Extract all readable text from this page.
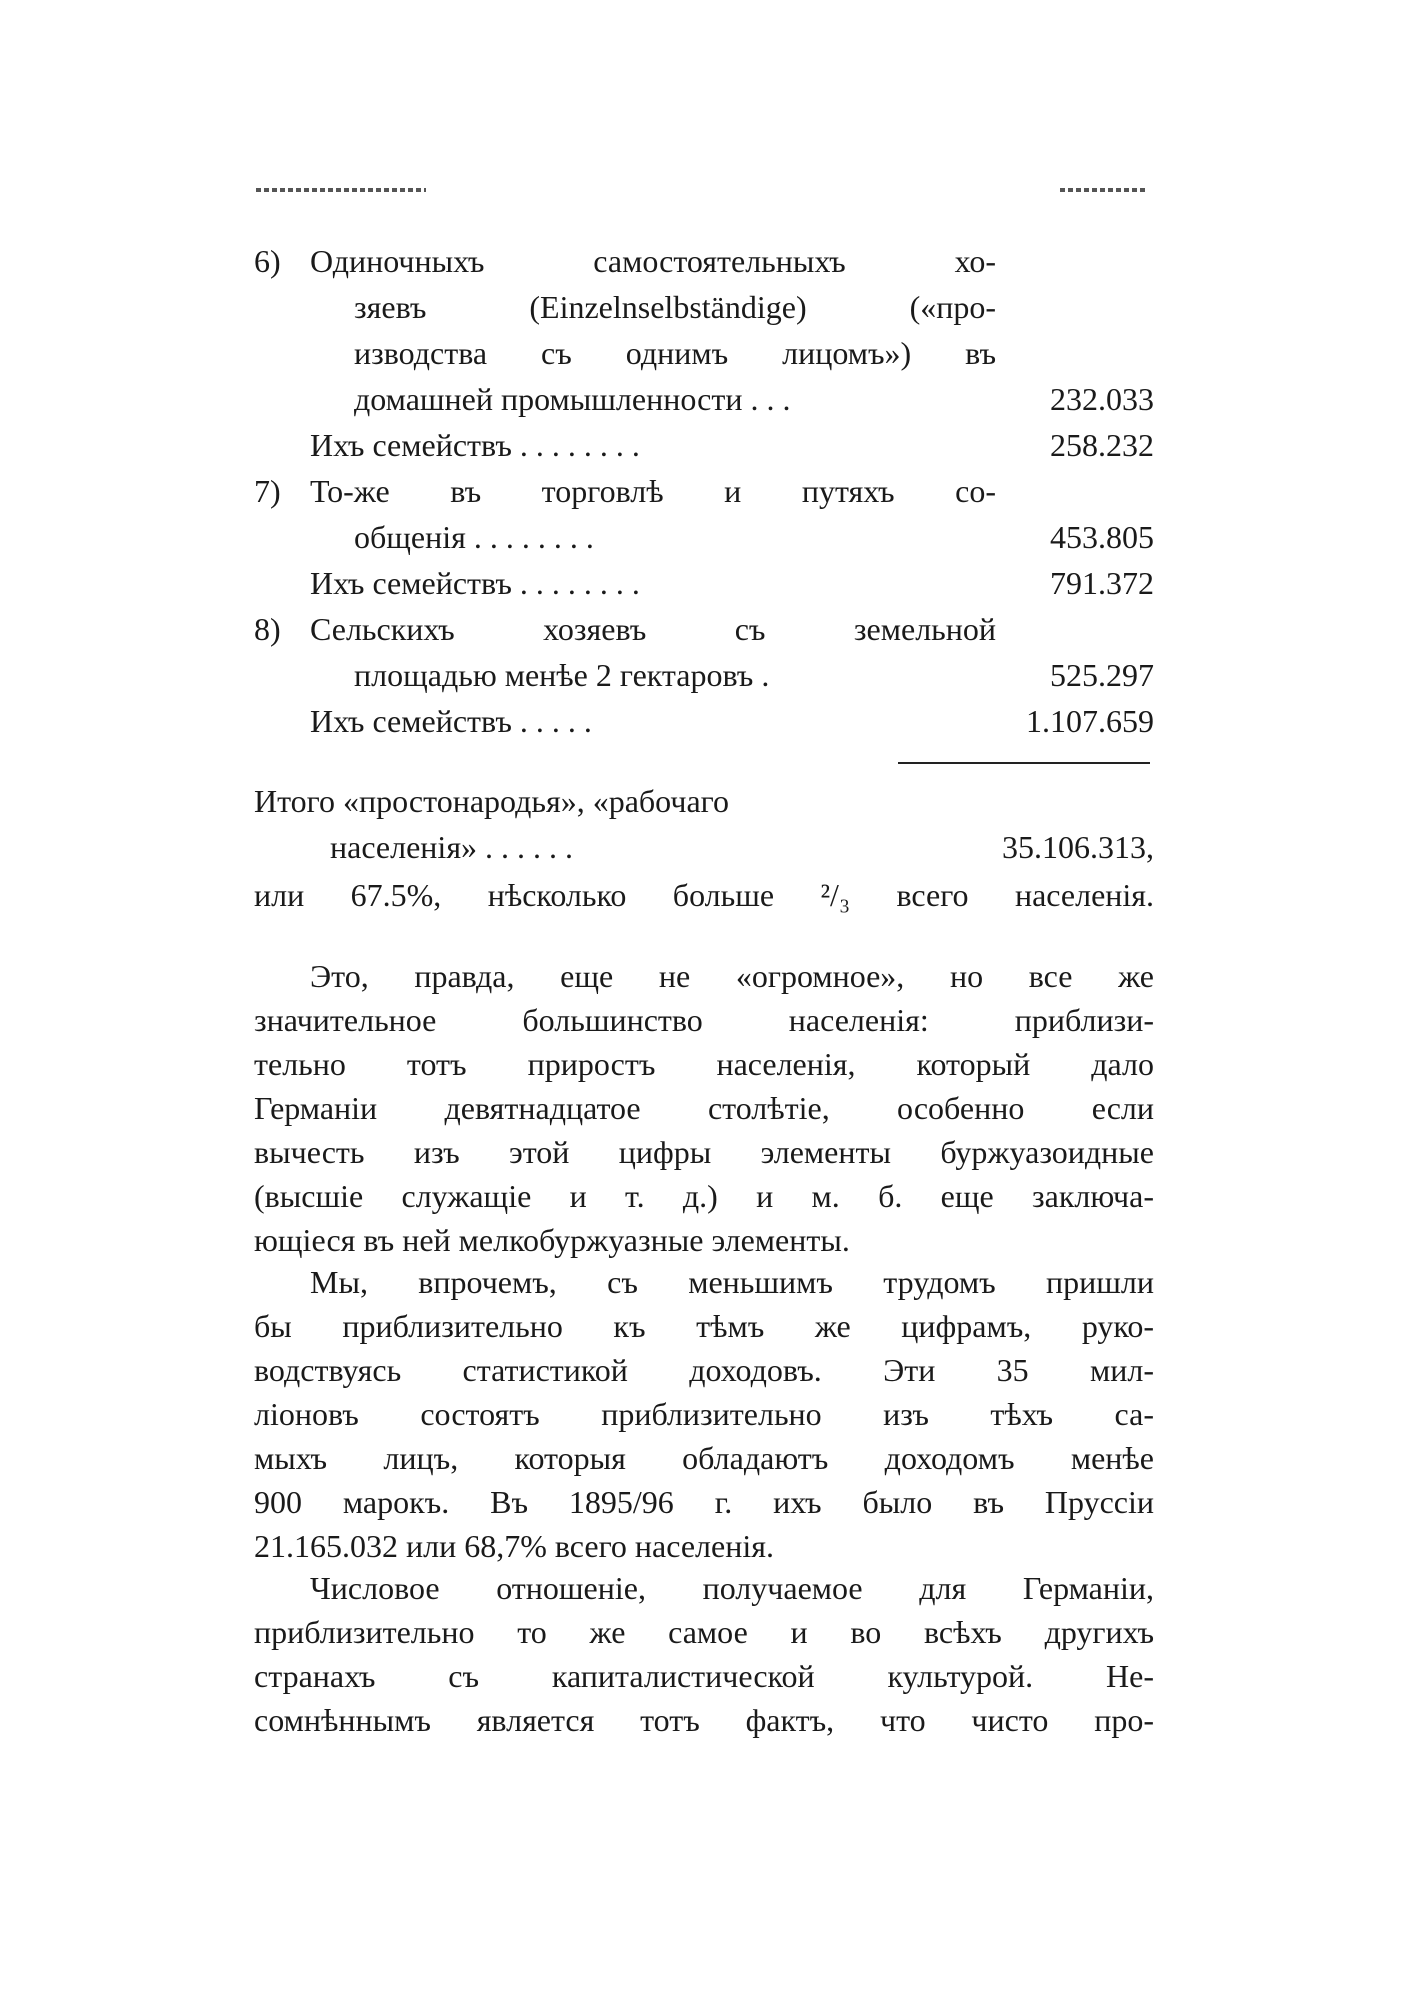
6) Одиночныхъ самостоятельныхъ хо-
зяевъ (Einzelnselbständige) («про-
изводства съ однимъ лицомъ») въ
домашней промышленности . . .	232.033
Ихъ семействъ . . . . . . . .	258.232
7) То-же въ торговлѣ и путяхъ со-
общенія . . . . . . . .	453.805
Ихъ семействъ . . . . . . . .	791.372
8) Сельскихъ хозяевъ съ земельной
площадью менѣе 2 гектаровъ .	525.297
Ихъ семействъ . . . . .	1.107.659
Итого «простонародья», «рабочаго
населенія» . . . . . .	35.106.313,
или 67.5%, нѣсколько больше ²/₃ всего населенія.
Это, правда, еще не «огромное», но все же
значительное большинство населенія: приблизи-
тельно тотъ приростъ населенія, который дало
Германіи девятнадцатое столѣтіе, особенно если
вычесть изъ этой цифры элементы буржуазоидные
(высшіе служащіе и т. д.) и м. б. еще заключа-
ющіеся въ ней мелкобуржуазные элементы.
Мы, впрочемъ, съ меньшимъ трудомъ пришли
бы приблизительно къ тѣмъ же цифрамъ, руко-
водствуясь статистикой доходовъ. Эти 35 мил-
ліоновъ состоятъ приблизительно изъ тѣхъ са-
мыхъ лицъ, которыя обладаютъ доходомъ менѣе
900 марокъ. Въ 1895/96 г. ихъ было въ Пруссіи
21.165.032 или 68,7% всего населенія.
Числовое отношеніе, получаемое для Германіи,
приблизительно то же самое и во всѣхъ другихъ
странахъ съ капиталистической культурой. Не-
сомнѣннымъ является тотъ фактъ, что чисто про-
